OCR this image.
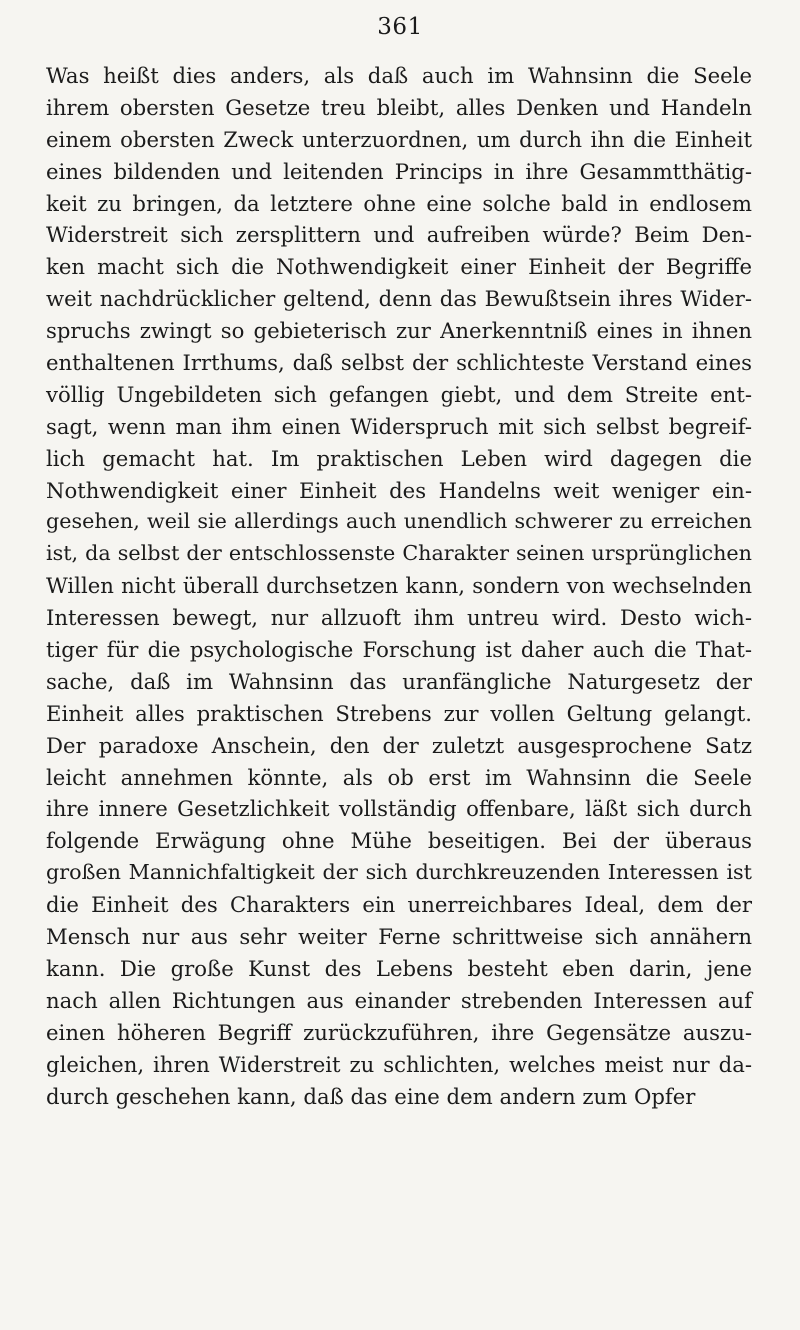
361
Was heißt dies anders, als daß auch im Wahnsinn die Seele
ihrem obersten Gesetze treu bleibt, alles Denken und Handeln
einem obersten Zweck unterzuordnen, um durch ihn die Einheit
eines bildenden und leitenden Princips in ihre Gesammtthätig-
keit zu bringen, da letztere ohne eine solche bald in endlosem
Widerstreit sich zersplittern und aufreiben würde? Beim Den-
ken macht sich die Nothwendigkeit einer Einheit der Begriffe
weit nachdrücklicher geltend, denn das Bewußtsein ihres Wider-
spruchs zwingt so gebieterisch zur Anerkenntniß eines in ihnen
enthaltenen Irrthums, daß selbst der schlichteste Verstand eines
völlig Ungebildeten sich gefangen giebt, und dem Streite ent-
sagt, wenn man ihm einen Widerspruch mit sich selbst begreif-
lich gemacht hat. Im praktischen Leben wird dagegen die
Nothwendigkeit einer Einheit des Handelns weit weniger ein-
gesehen, weil sie allerdings auch unendlich schwerer zu erreichen
ist, da selbst der entschlossenste Charakter seinen ursprünglichen
Willen nicht überall durchsetzen kann, sondern von wechselnden
Interessen bewegt, nur allzuoft ihm untreu wird. Desto wich-
tiger für die psychologische Forschung ist daher auch die That-
sache, daß im Wahnsinn das uranfängliche Naturgesetz der
Einheit alles praktischen Strebens zur vollen Geltung gelangt.
Der paradoxe Anschein, den der zuletzt ausgesprochene Satz
leicht annehmen könnte, als ob erst im Wahnsinn die Seele
ihre innere Gesetzlichkeit vollständig offenbare, läßt sich durch
folgende Erwägung ohne Mühe beseitigen. Bei der überaus
großen Mannichfaltigkeit der sich durchkreuzenden Interessen ist
die Einheit des Charakters ein unerreichbares Ideal, dem der
Mensch nur aus sehr weiter Ferne schrittweise sich annähern
kann. Die große Kunst des Lebens besteht eben darin, jene
nach allen Richtungen aus einander strebenden Interessen auf
einen höheren Begriff zurückzuführen, ihre Gegensätze auszu-
gleichen, ihren Widerstreit zu schlichten, welches meist nur da-
durch geschehen kann, daß das eine dem andern zum Opfer
